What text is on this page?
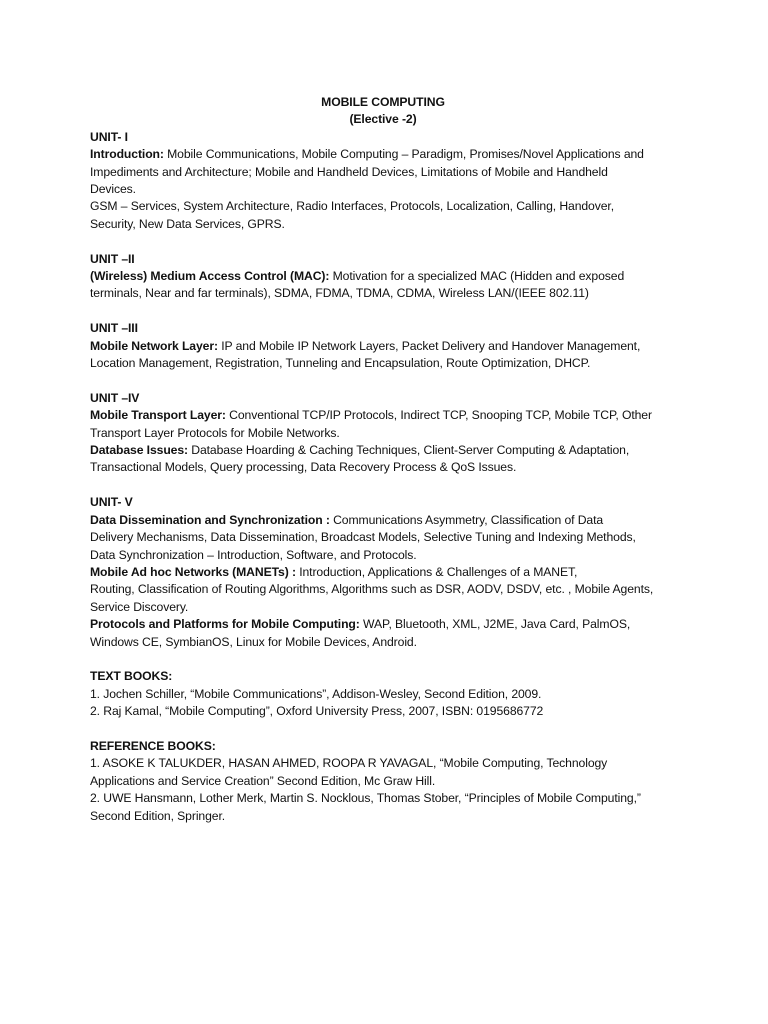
MOBILE COMPUTING
(Elective -2)
UNIT- I
Introduction: Mobile Communications, Mobile Computing – Paradigm, Promises/Novel Applications and
Impediments and Architecture; Mobile and Handheld Devices, Limitations of Mobile and Handheld
Devices.
GSM – Services, System Architecture, Radio Interfaces, Protocols, Localization, Calling, Handover,
Security, New Data Services, GPRS.
UNIT –II
(Wireless) Medium Access Control (MAC): Motivation for a specialized MAC (Hidden and exposed
terminals, Near and far terminals), SDMA, FDMA, TDMA, CDMA, Wireless LAN/(IEEE 802.11)
UNIT –III
Mobile Network Layer: IP and Mobile IP Network Layers, Packet Delivery and Handover Management,
Location Management, Registration, Tunneling and Encapsulation, Route Optimization, DHCP.
UNIT –IV
Mobile Transport Layer: Conventional TCP/IP Protocols, Indirect TCP, Snooping TCP, Mobile TCP, Other
Transport Layer Protocols for Mobile Networks.
Database Issues: Database Hoarding & Caching Techniques, Client-Server Computing & Adaptation,
Transactional Models, Query processing, Data Recovery Process & QoS Issues.
UNIT- V
Data Dissemination and Synchronization : Communications Asymmetry, Classification of Data
Delivery Mechanisms, Data Dissemination, Broadcast Models, Selective Tuning and Indexing Methods,
Data Synchronization – Introduction, Software, and Protocols.
Mobile Ad hoc Networks (MANETs) : Introduction, Applications & Challenges of a MANET,
Routing, Classification of Routing Algorithms, Algorithms such as DSR, AODV, DSDV, etc. , Mobile Agents,
Service Discovery.
Protocols and Platforms for Mobile Computing: WAP, Bluetooth, XML, J2ME, Java Card, PalmOS,
Windows CE, SymbianOS, Linux for Mobile Devices, Android.
TEXT BOOKS:
1. Jochen Schiller, “Mobile Communications”, Addison-Wesley, Second Edition, 2009.
2. Raj Kamal, “Mobile Computing”, Oxford University Press, 2007, ISBN: 0195686772
REFERENCE BOOKS:
1. ASOKE K TALUKDER, HASAN AHMED, ROOPA R YAVAGAL, “Mobile Computing, Technology
Applications and Service Creation” Second Edition, Mc Graw Hill.
2. UWE Hansmann, Lother Merk, Martin S. Nocklous, Thomas Stober, “Principles of Mobile Computing,”
Second Edition, Springer.
